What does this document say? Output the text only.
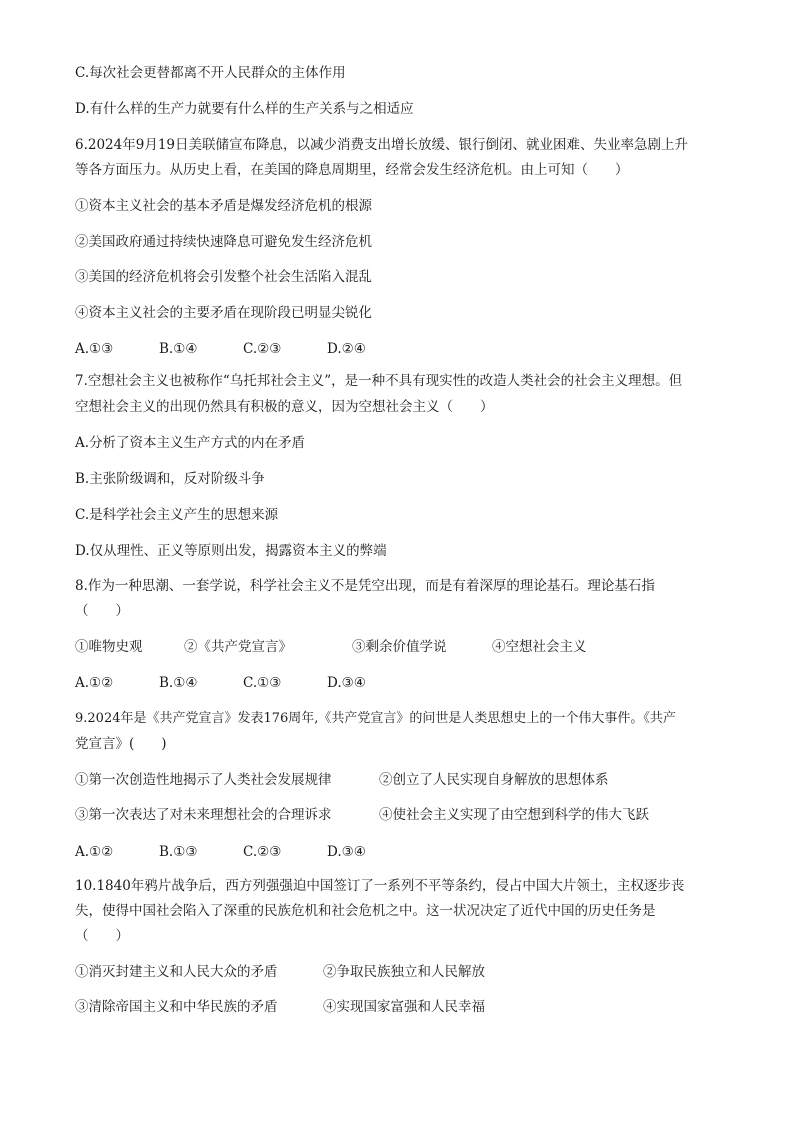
C.每次社会更替都离不开人民群众的主体作用
D.有什么样的生产力就要有什么样的生产关系与之相适应
6.2024年9月19日美联储宣布降息，以减少消费支出增长放缓、银行倒闭、就业困难、失业率急剧上升
等各方面压力。从历史上看，在美国的降息周期里，经常会发生经济危机。由上可知（　　）
①资本主义社会的基本矛盾是爆发经济危机的根源
②美国政府通过持续快速降息可避免发生经济危机
③美国的经济危机将会引发整个社会生活陷入混乱
④资本主义社会的主要矛盾在现阶段已明显尖锐化
A.①③	B.①④	C.②③	D.②④
7.空想社会主义也被称作“乌托邦社会主义”，是一种不具有现实性的改造人类社会的社会主义理想。但
空想社会主义的出现仍然具有积极的意义，因为空想社会主义（　　）
A.分析了资本主义生产方式的内在矛盾
B.主张阶级调和，反对阶级斗争
C.是科学社会主义产生的思想来源
D.仅从理性、正义等原则出发，揭露资本主义的弊端
8.作为一种思潮、一套学说，科学社会主义不是凭空出现，而是有着深厚的理论基石。理论基石指
（　　）
①唯物史观	②《共产党宣言》	③剩余价值学说	④空想社会主义
A.①②	B.①④	C.①③	D.③④
9.2024年是《共产党宣言》发表176周年,《共产党宣言》的问世是人类思想史上的一个伟大事件。《共产
党宣言》(　　)
①第一次创造性地揭示了人类社会发展规律	②创立了人民实现自身解放的思想体系
③第一次表达了对未来理想社会的合理诉求	④使社会主义实现了由空想到科学的伟大飞跃
A.①②	B.①③	C.②③	D.③④
10.1840年鸦片战争后，西方列强强迫中国签订了一系列不平等条约，侵占中国大片领土，主权逐步丧
失，使得中国社会陷入了深重的民族危机和社会危机之中。这一状况决定了近代中国的历史任务是
（　　）
①消灭封建主义和人民大众的矛盾	②争取民族独立和人民解放
③清除帝国主义和中华民族的矛盾	④实现国家富强和人民幸福
